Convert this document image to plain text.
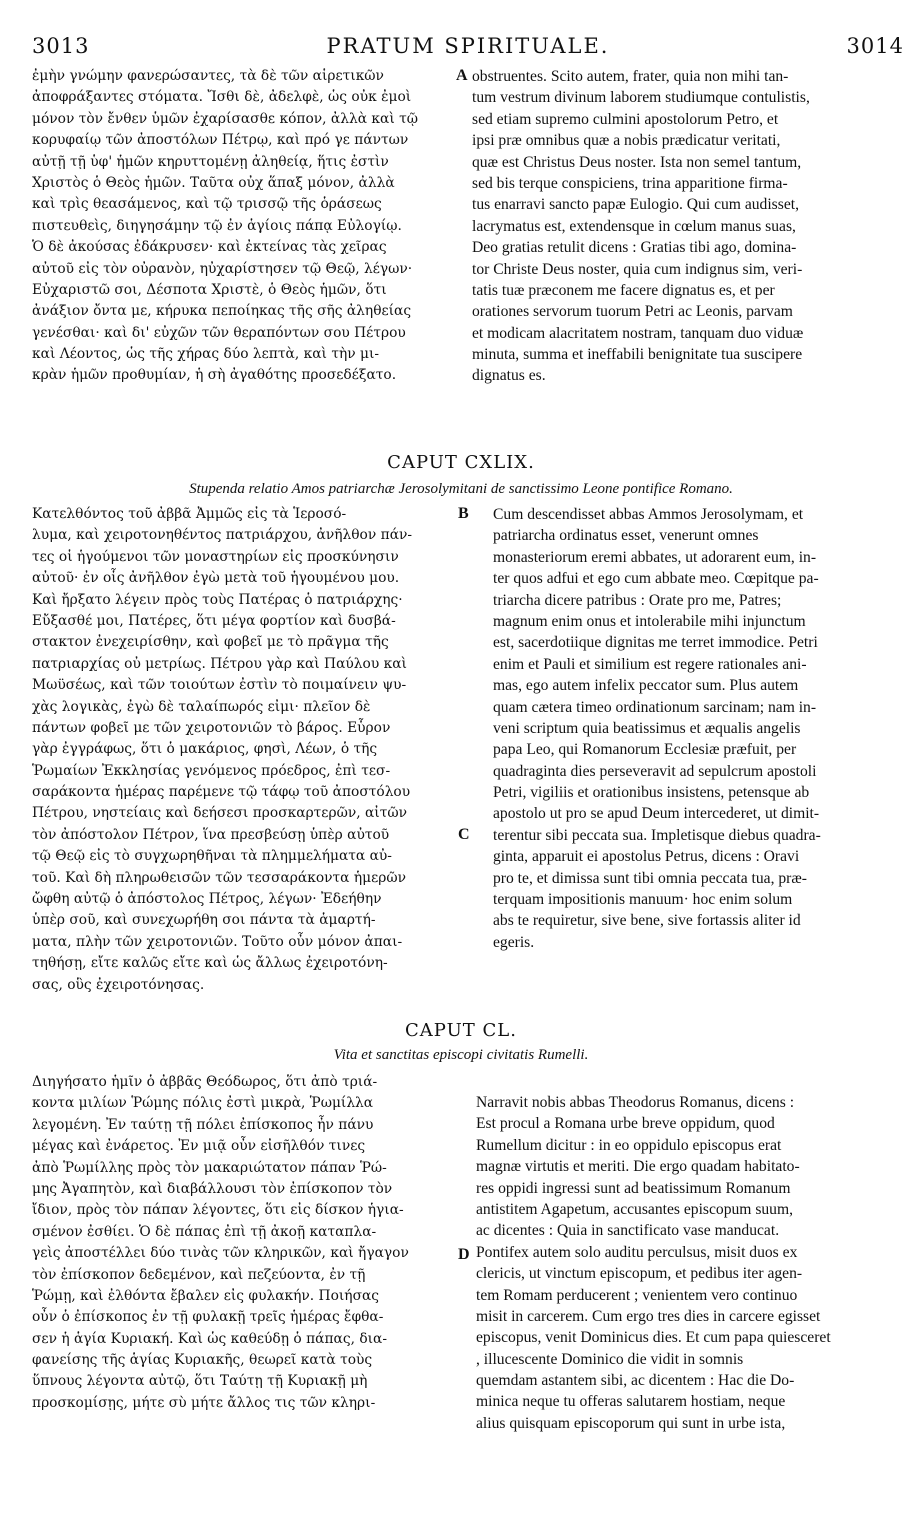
3013	PRATUM SPIRITUALE.	3014
ἐμὴν γνώμην φανερώσαντες, τὰ δὲ τῶν αἱρετικῶν
ἀποφράξαντες στόματα. Ἴσθι δὲ, ἀδελφὲ, ὡς οὐκ ἐμοὶ
μόνον τὸν ἔνθεν ὑμῶν ἐχαρίσασθε κόπον, ἀλλὰ καὶ τῷ
κορυφαίῳ τῶν ἀποστόλων Πέτρῳ, καὶ πρό γε πάντων
αὐτῇ τῇ ὑφ' ἡμῶν κηρυττομένῃ ἀληθείᾳ, ἥτις ἐστὶν
Χριστὸς ὁ Θεὸς ἡμῶν. Ταῦτα οὐχ ἅπαξ μόνον, ἀλλὰ
καὶ τρὶς θεασάμενος, καὶ τῷ τρισσῷ τῆς ὁράσεως
πιστευθεὶς, διηγησάμην τῷ ἐν ἁγίοις πάπᾳ Εὐλογίῳ.
Ὁ δὲ ἀκούσας ἐδάκρυσεν· καὶ ἐκτείνας τὰς χεῖρας
αὐτοῦ εἰς τὸν οὐρανὸν, ηὐχαρίστησεν τῷ Θεῷ, λέγων·
Εὐχαριστῶ σοι, Δέσποτα Χριστὲ, ὁ Θεὸς ἡμῶν, ὅτι
ἀνάξιον ὄντα με, κήρυκα πεποίηκας τῆς σῆς ἀληθείας
γενέσθαι· καὶ δι' εὐχῶν τῶν θεραπόντων σου Πέτρου
καὶ Λέοντος, ὡς τῆς χήρας δύο λεπτὰ, καὶ τὴν μι-
κρὰν ἡμῶν προθυμίαν, ἡ σὴ ἀγαθότης προσεδέξατο.
obstruentes. Scito autem, frater, quia non mihi tan-
tum vestrum divinum laborem studiumque contulistis,
sed etiam supremo culmini apostolorum Petro, et
ipsi præ omnibus quæ a nobis prædicatur veritati,
quæ est Christus Deus noster. Ista non semel tantum,
sed bis terque conspiciens, trina apparitione firma-
tus enarravi sancto papæ Eulogio. Qui cum audisset,
lacrymatus est, extendensque in cœlum manus suas,
Deo gratias retulit dicens : Gratias tibi ago, domina-
tor Christe Deus noster, quia cum indignus sim, veri-
tatis tuæ præconem me facere dignatus es, et per
orationes servorum tuorum Petri ac Leonis, parvam
et modicam alacritatem nostram, tanquam duo viduæ
minuta, summa et ineffabili benignitate tua suscipere
dignatus es.
A
CAPUT CXLIX.
Stupenda relatio Amos patriarchæ Jerosolymitani de sanctissimo Leone pontifice Romano.
Κατελθόντος τοῦ ἀββᾶ Ἀμμῶς εἰς τὰ Ἱεροσό-
λυμα, καὶ χειροτονηθέντος πατριάρχου, ἀνῆλθον πάν-
τες οἱ ἡγούμενοι τῶν μοναστηρίων εἰς προσκύνησιν
αὐτοῦ· ἐν οἷς ἀνῆλθον ἐγὼ μετὰ τοῦ ἡγουμένου μου.
Καὶ ἤρξατο λέγειν πρὸς τοὺς Πατέρας ὁ πατριάρχης·
Εὔξασθέ μοι, Πατέρες, ὅτι μέγα φορτίον καὶ δυσβά-
στακτον ἐνεχειρίσθην, καὶ φοβεῖ με τὸ πρᾶγμα τῆς
πατριαρχίας οὐ μετρίως. Πέτρου γὰρ καὶ Παύλου καὶ
Μωϋσέως, καὶ τῶν τοιούτων ἐστὶν τὸ ποιμαίνειν ψυ-
χὰς λογικὰς, ἐγὼ δὲ ταλαίπωρός εἰμι· πλεῖον δὲ
πάντων φοβεῖ με τῶν χειροτονιῶν τὸ βάρος. Εὗρον
γὰρ ἐγγράφως, ὅτι ὁ μακάριος, φησὶ, Λέων, ὁ τῆς
Ῥωμαίων Ἐκκλησίας γενόμενος πρόεδρος, ἐπὶ τεσ-
σαράκοντα ἡμέρας παρέμενε τῷ τάφῳ τοῦ ἀποστόλου
Πέτρου, νηστείαις καὶ δεήσεσι προσκαρτερῶν, αἰτῶν
τὸν ἀπόστολον Πέτρον, ἵνα πρεσβεύσῃ ὑπὲρ αὐτοῦ
τῷ Θεῷ εἰς τὸ συγχωρηθῆναι τὰ πλημμελήματα αὐ-
τοῦ. Καὶ δὴ πληρωθεισῶν τῶν τεσσαράκοντα ἡμερῶν
ὤφθη αὐτῷ ὁ ἀπόστολος Πέτρος, λέγων· Ἐδεήθην
ὑπὲρ σοῦ, καὶ συνεχωρήθη σοι πάντα τὰ ἁμαρτή-
ματα, πλὴν τῶν χειροτονιῶν. Τοῦτο οὖν μόνον ἀπαι-
τηθήσῃ, εἴτε καλῶς εἴτε καὶ ὡς ἄλλως ἐχειροτόνη-
σας, οὓς ἐχειροτόνησας.
Cum descendisset abbas Ammos Jerosolymam, et
patriarcha ordinatus esset, venerunt omnes
monasteriorum eremi abbates, ut adorarent eum, in-
ter quos adfui et ego cum abbate meo. Cœpitque pa-
triarcha dicere patribus : Orate pro me, Patres;
magnum enim onus et intolerabile mihi injunctum
est, sacerdotiique dignitas me terret immodice. Petri
enim et Pauli et similium est regere rationales ani-
mas, ego autem infelix peccator sum. Plus autem
quam cætera timeo ordinationum sarcinam; nam in-
veni scriptum quia beatissimus et æqualis angelis
papa Leo, qui Romanorum Ecclesiæ præfuit, per
quadraginta dies perseveravit ad sepulcrum apostoli
Petri, vigiliis et orationibus insistens, petensque ab
apostolo ut pro se apud Deum intercederet, ut dimit-
terentur sibi peccata sua. Impletisque diebus quadra-
ginta, apparuit ei apostolus Petrus, dicens : Oravi
pro te, et dimissa sunt tibi omnia peccata tua, præ-
terquam impositionis manuum· hoc enim solum
abs te requiretur, sive bene, sive fortassis aliter id
egeris.
B
C
CAPUT CL.
Vita et sanctitas episcopi civitatis Rumelli.
Διηγήσατο ἡμῖν ὁ ἀββᾶς Θεόδωρος, ὅτι ἀπὸ τριά-
κοντα μιλίων Ῥώμης πόλις ἐστὶ μικρὰ, Ῥωμίλλα
λεγομένη. Ἐν ταύτῃ τῇ πόλει ἐπίσκοπος ἦν πάνυ
μέγας καὶ ἐνάρετος. Ἐν μιᾷ οὖν εἰσῆλθόν τινες
ἀπὸ Ῥωμίλλης πρὸς τὸν μακαριώτατον πάπαν Ῥώ-
μης Ἀγαπητὸν, καὶ διαβάλλουσι τὸν ἐπίσκοπον τὸν
ἴδιον, πρὸς τὸν πάπαν λέγοντες, ὅτι εἰς δίσκον ἡγια-
σμένον ἐσθίει. Ὁ δὲ πάπας ἐπὶ τῇ ἀκοῇ καταπλα-
γεὶς ἀποστέλλει δύο τινὰς τῶν κληρικῶν, καὶ ἤγαγον
τὸν ἐπίσκοπον δεδεμένον, καὶ πεζεύοντα, ἐν τῇ
Ῥώμῃ, καὶ ἐλθόντα ἔβαλεν εἰς φυλακήν. Ποιήσας
οὖν ὁ ἐπίσκοπος ἐν τῇ φυλακῇ τρεῖς ἡμέρας ἔφθα-
σεν ἡ ἁγία Κυριακή. Καὶ ὡς καθεύδῃ ὁ πάπας, δια-
φανείσης τῆς ἁγίας Κυριακῆς, θεωρεῖ κατὰ τοὺς
ὕπνους λέγοντα αὐτῷ, ὅτι Ταύτῃ τῇ Κυριακῇ μὴ
προσκομίσῃς, μήτε σὺ μήτε ἄλλος τις τῶν κληρι-
Narravit nobis abbas Theodorus Romanus, dicens :
Est procul a Romana urbe breve oppidum, quod
Rumellum dicitur : in eo oppidulo episcopus erat
magnæ virtutis et meriti. Die ergo quadam habitato-
res oppidi ingressi sunt ad beatissimum Romanum
antistitem Agapetum, accusantes episcopum suum,
ac dicentes : Quia in sanctificato vase manducat.
Pontifex autem solo auditu perculsus, misit duos ex
clericis, ut vinctum episcopum, et pedibus iter agen-
tem Romam perducerent ; venientem vero continuo
misit in carcerem. Cum ergo tres dies in carcere egisset
episcopus, venit Dominicus dies. Et cum papa quiesceret
, illucescente Dominico die vidit in somnis
quemdam astantem sibi, ac dicentem : Hac die Do-
minica neque tu offeras salutarem hostiam, neque
alius quisquam episcoporum qui sunt in urbe ista,
D
